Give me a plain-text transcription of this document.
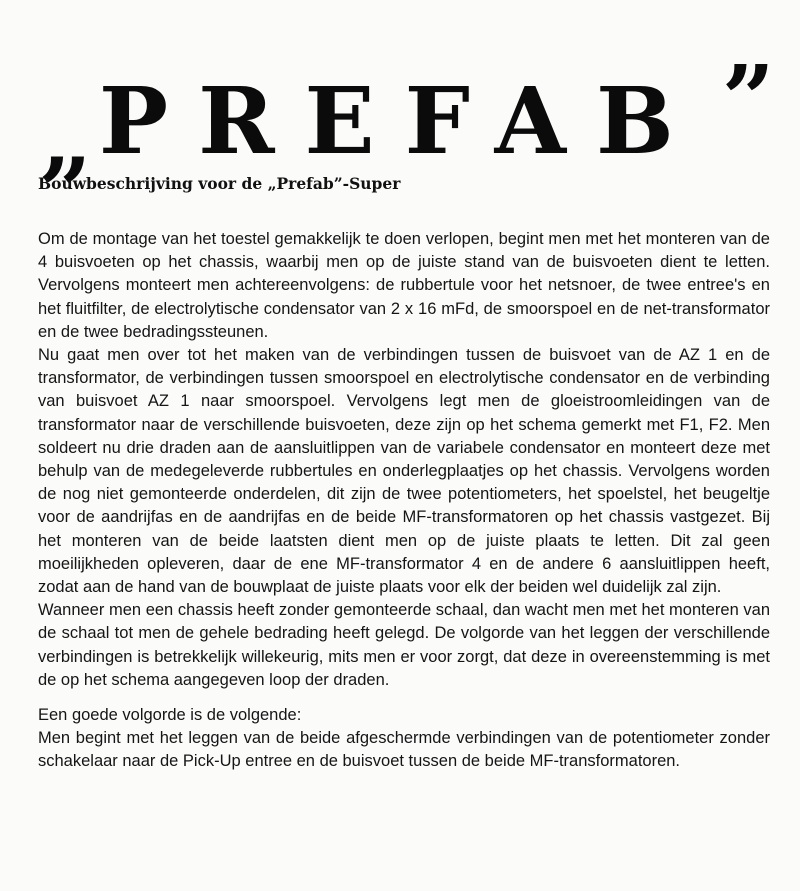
„ PREFAB ”
Bouwbeschrijving voor de „Prefab”-Super

Om de montage van het toestel gemakkelijk te doen verlopen, begint men met het monteren van de 4 buisvoeten op het chassis, waarbij men op de juiste stand van de buisvoeten dient te letten. Vervolgens monteert men achtereenvolgens: de rubbertule voor het netsnoer, de twee entree's en het fluitfilter, de electrolytische condensator van 2 x 16 mFd, de smoorspoel en de net-transformator en de twee bedradingssteunen.

Nu gaat men over tot het maken van de verbindingen tussen de buisvoet van de AZ 1 en de transformator, de verbindingen tussen smoorspoel en electrolytische condensator en de verbinding van buisvoet AZ 1 naar smoorspoel. Vervolgens legt men de gloeistroomleidingen van de transformator naar de verschillende buisvoeten, deze zijn op het schema gemerkt met F1, F2. Men soldeert nu drie draden aan de aansluitlippen van de variabele condensator en monteert deze met behulp van de medegeleverde rubbertules en onderlegplaatjes op het chassis. Vervolgens worden de nog niet gemonteerde onderdelen, dit zijn de twee potentiometers, het spoelstel, het beugeltje voor de aandrijfas en de aandrijfas en de beide MF-transformatoren op het chassis vastgezet. Bij het monteren van de beide laatsten dient men op de juiste plaats te letten. Dit zal geen moeilijkheden opleveren, daar de ene MF-transformator 4 en de andere 6 aansluitlippen heeft, zodat aan de hand van de bouwplaat de juiste plaats voor elk der beiden wel duidelijk zal zijn.

Wanneer men een chassis heeft zonder gemonteerde schaal, dan wacht men met het monteren van de schaal tot men de gehele bedrading heeft gelegd. De volgorde van het leggen der verschillende verbindingen is betrekkelijk willekeurig, mits men er voor zorgt, dat deze in overeenstemming is met de op het schema aangegeven loop der draden.

Een goede volgorde is de volgende:

Men begint met het leggen van de beide afgeschermde verbindingen van de potentiometer zonder schakelaar naar de Pick-Up entree en de buisvoet tussen de beide MF-transformatoren.
